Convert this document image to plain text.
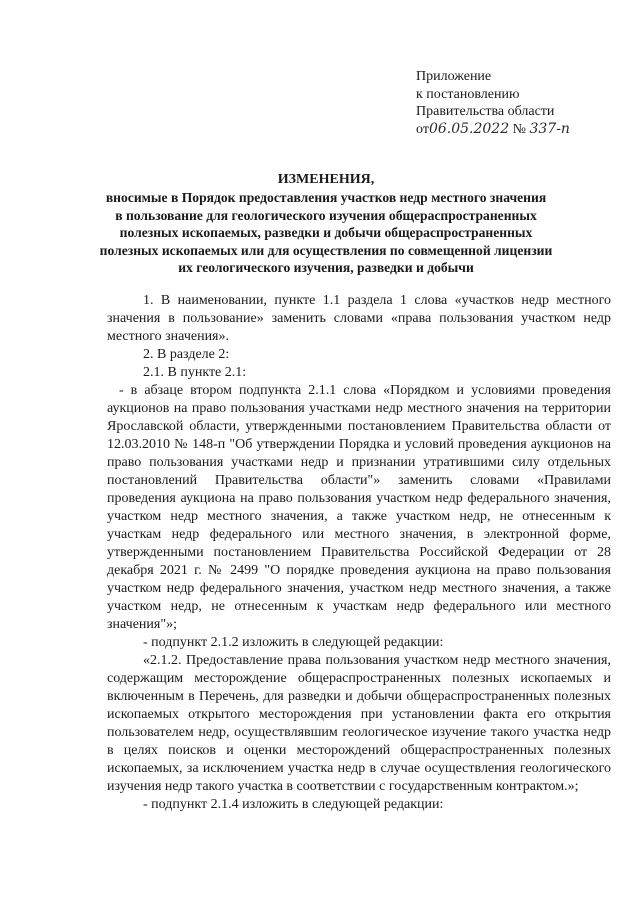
Приложение
к постановлению
Правительства области
от06.05.2022 № 337-п
ИЗМЕНЕНИЯ,
вносимые в Порядок предоставления участков недр местного значения
в пользование для геологического изучения общераспространенных
полезных ископаемых, разведки и добычи общераспространенных
полезных ископаемых или для осуществления по совмещенной лицензии
их геологического изучения, разведки и добычи

1. В наименовании, пункте 1.1 раздела 1 слова «участков недр местного значения в пользование» заменить словами «права пользования участком недр местного значения».

2. В разделе 2:

2.1. В пункте 2.1:

- в абзаце втором подпункта 2.1.1 слова «Порядком и условиями проведения аукционов на право пользования участками недр местного значения на территории Ярославской области, утвержденными постановлением Правительства области от 12.03.2010 № 148-п "Об утверждении Порядка и условий проведения аукционов на право пользования участками недр и признании утратившими силу отдельных постановлений Правительства области"» заменить словами «Правилами проведения аукциона на право пользования участком недр федерального значения, участком недр местного значения, а также участком недр, не отнесенным к участкам недр федерального или местного значения, в электронной форме, утвержденными постановлением Правительства Российской Федерации от 28 декабря 2021 г. № 2499 "О порядке проведения аукциона на право пользования участком недр федерального значения, участком недр местного значения, а также участком недр, не отнесенным к участкам недр федерального или местного значения"»;

- подпункт 2.1.2 изложить в следующей редакции:

«2.1.2. Предоставление права пользования участком недр местного значения, содержащим месторождение общераспространенных полезных ископаемых и включенным в Перечень, для разведки и добычи общераспространенных полезных ископаемых открытого месторождения при установлении факта его открытия пользователем недр, осуществлявшим геологическое изучение такого участка недр в целях поисков и оценки месторождений общераспространенных полезных ископаемых, за исключением участка недр в случае осуществления геологического изучения недр такого участка в соответствии с государственным контрактом.»;

- подпункт 2.1.4 изложить в следующей редакции:
